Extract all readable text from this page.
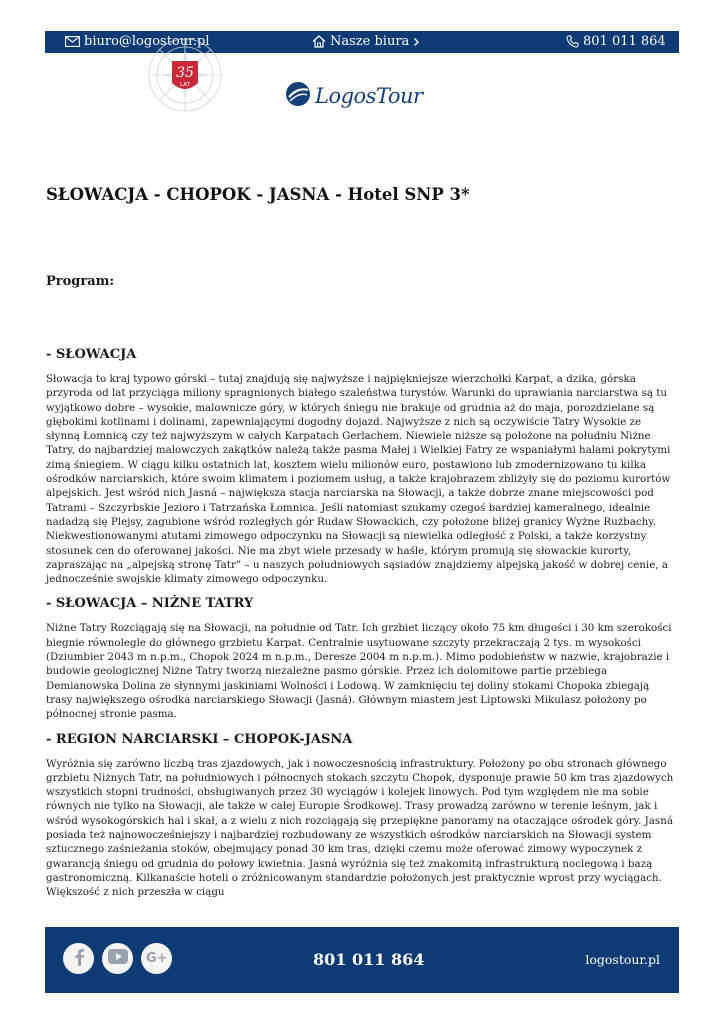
biuro@logostour.pl	Nasze biura	801 011 864
35
LAT	LogosTour
SŁOWACJA - CHOPOK - JASNA - Hotel SNP 3*
Program:
- SŁOWACJA

Słowacja to kraj typowo górski – tutaj znajdują się najwyższe i najpiękniejsze wierzchołki Karpat, a dzika, górska przyroda od lat przyciąga miliony spragnionych białego szaleństwa turystów. Warunki do uprawiania narciarstwa są tu wyjątkowo dobre – wysokie, malownicze góry, w których śniegu nie brakuje od grudnia aż do maja, porozdzielane są głębokimi kotlinami i dolinami, zapewniającymi dogodny dojazd. Najwyższe z nich są oczywiście Tatry Wysokie ze słynną Łomnicą czy też najwyższym w całych Karpatach Gerlachem. Niewiele niższe są położone na południu Niżne Tatry, do najbardziej malowczych zakątków należą także pasma Małej i Wielkiej Fatry ze wspaniałymi halami pokrytymi zimą śniegiem. W ciągu kilku ostatnich lat, kosztem wielu milionów euro, postawiono lub zmodernizowano tu kilka ośrodków narciarskich, które swoim klimatem i poziomem usług, a także krajobrazem zbliżyły się do poziomu kurortów alpejskich. Jest wśród nich Jasná – największa stacja narciarska na Słowacji, a także dobrze znane miejscowości pod Tatrami – Szczyrbskie Jezioro i Tatrzańska Łomnica. Jeśli natomiast szukamy czegoś bardziej kameralnego, idealnie nadadzą się Plejsy, zagubione wśród rozległych gór Rudaw Słowackich, czy położone bliżej granicy Wyżne Rużbachy. Niekwestionowanymi atutami zimowego odpoczynku na Słowacji są niewielka odległość z Polski, a także korzystny stosunek cen do oferowanej jakości. Nie ma zbyt wiele przesady w haśle, którym promują się słowackie kurorty, zapraszając na „alpejską stronę Tatr” – u naszych południowych sąsiadów znajdziemy alpejską jakość w dobrej cenie, a jednocześnie swojskie klimaty zimowego odpoczynku.

- SŁOWACJA – NIŻNE TATRY

Niżne Tatry Rozciągają się na Słowacji, na południe od Tatr. Ich grzbiet liczący około 75 km długości i 30 km szerokości biegnie równolegle do głównego grzbietu Karpat. Centralnie usytuowane szczyty przekraczają 2 tys. m wysokości (Dziumbier 2043 m n.p.m., Chopok 2024 m n.p.m., Deresze 2004 m n.p.m.). Mimo podobieństw w nazwie, krajobrazie i budowie geologicznej Niżne Tatry tworzą niezależne pasmo górskie. Przez ich dolomitowe partie przebiega Demianowska Dolina ze słynnymi jaskiniami Wolności i Lodową. W zamknięciu tej doliny stokami Chopoka zbiegają trasy największego ośrodka narciarskiego Słowacji (Jasná). Głównym miastem jest Liptowski Mikulasz położony po północnej stronie pasma.

- REGION NARCIARSKI – CHOPOK-JASNA

Wyróżnia się zarówno liczbą tras zjazdowych, jak i nowoczesnością infrastruktury. Położony po obu stronach głównego grzbietu Niżnych Tatr, na południowych i północnych stokach szczytu Chopok, dysponuje prawie 50 km tras zjazdowych wszystkich stopni trudności, obsługiwanych przez 30 wyciągów i kolejek linowych. Pod tym względem nie ma sobie równych nie tylko na Słowacji, ale także w całej Europie Środkowej. Trasy prowadzą zarówno w terenie leśnym, jak i wśród wysokogórskich hal i skał, a z wielu z nich rozciągają się przepiękne panoramy na otaczające ośrodek góry. Jasná posiada też najnowocześniejszy i najbardziej rozbudowany ze wszystkich ośrodków narciarskich na Słowacji system sztucznego zaśnieżania stoków, obejmujący ponad 30 km tras, dzięki czemu może oferować zimowy wypoczynek z gwarancją śniegu od grudnia do połowy kwietnia. Jasná wyróżnia się też znakomitą infrastrukturą noclegową i bazą gastronomiczną. Kilkanaście hoteli o zróżnicowanym standardzie położonych jest praktycznie wprost przy wyciągach. Większość z nich przeszła w ciągu

G+	801 011 864	logostour.pl
